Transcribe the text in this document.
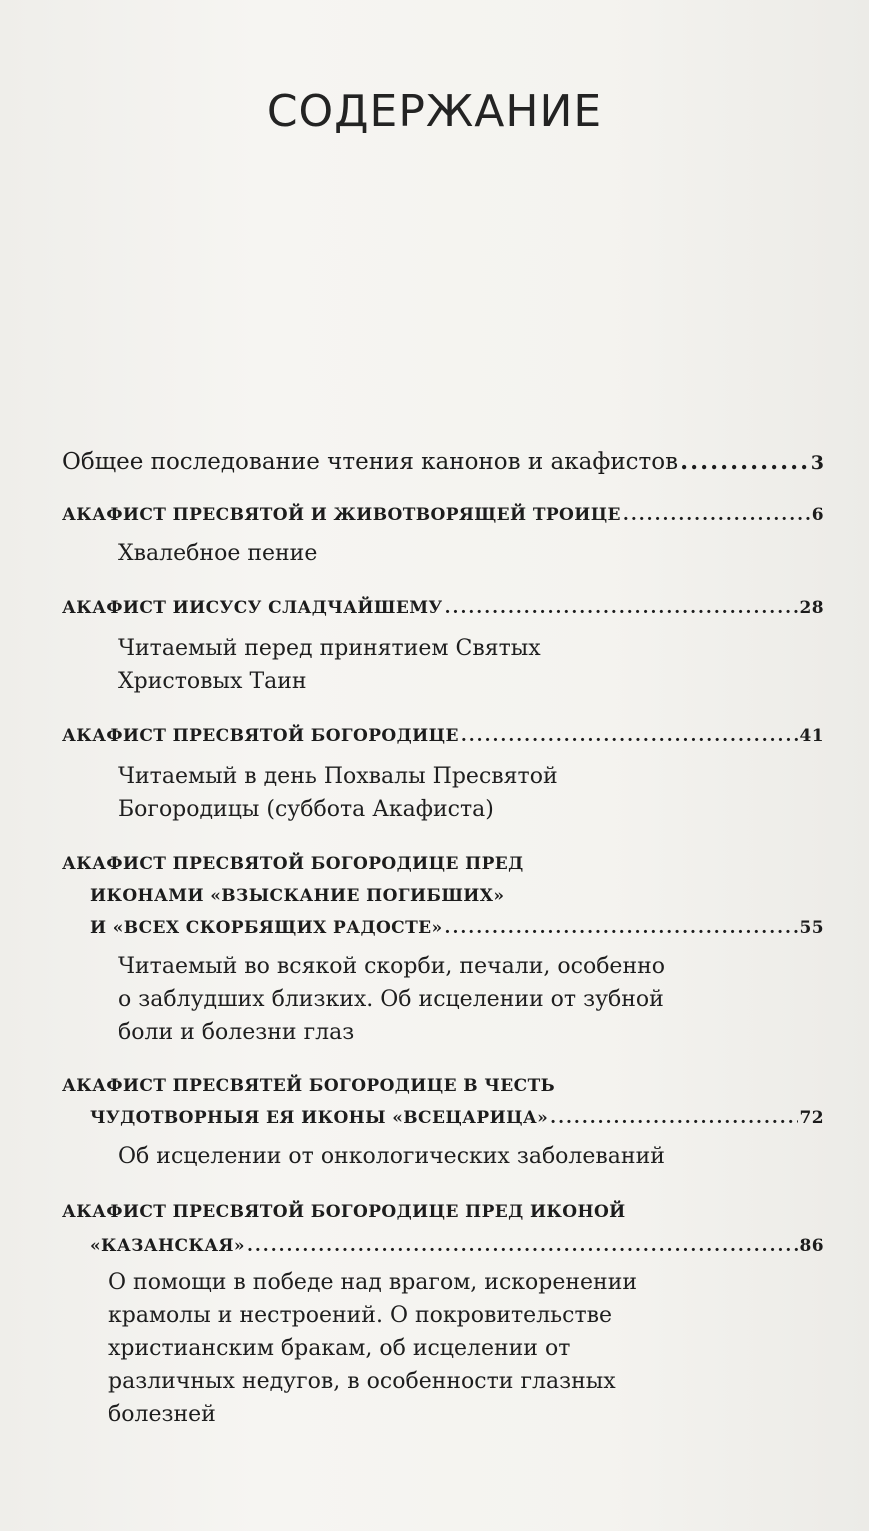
СОДЕРЖАНИЕ
Общее последование чтения канонов и акафистов .....	3
АКАФИСТ ПРЕСВЯТОЙ И ЖИВОТВОРЯЩЕЙ ТРОИЦЕ .....	6
Хвалебное пение
АКАФИСТ ИИСУСУ СЛАДЧАЙШЕМУ .....	28
Читаемый перед принятием Святых
Христовых Таин
АКАФИСТ ПРЕСВЯТОЙ БОГОРОДИЦЕ .....	41
Читаемый в день Похвалы Пресвятой
Богородицы (суббота Акафиста)
АКАФИСТ ПРЕСВЯТОЙ БОГОРОДИЦЕ ПРЕД
ИКОНАМИ «ВЗЫСКАНИЕ ПОГИБШИХ»
И «ВСЕХ СКОРБЯЩИХ РАДОСТЕ» .....	55
Читаемый во всякой скорби, печали, особенно
о заблудших близких. Об исцелении от зубной
боли и болезни глаз
АКАФИСТ ПРЕСВЯТЕЙ БОГОРОДИЦЕ В ЧЕСТЬ
ЧУДОТВОРНЫЯ ЕЯ ИКОНЫ «ВСЕЦАРИЦА» .....	72
Об исцелении от онкологических заболеваний
АКАФИСТ ПРЕСВЯТОЙ БОГОРОДИЦЕ ПРЕД ИКОНОЙ
«КАЗАНСКАЯ» .....	86
О помощи в победе над врагом, искоренении
крамолы и нестроений. О покровительстве
христианским бракам, об исцелении от
различных недугов, в особенности глазных
болезней
